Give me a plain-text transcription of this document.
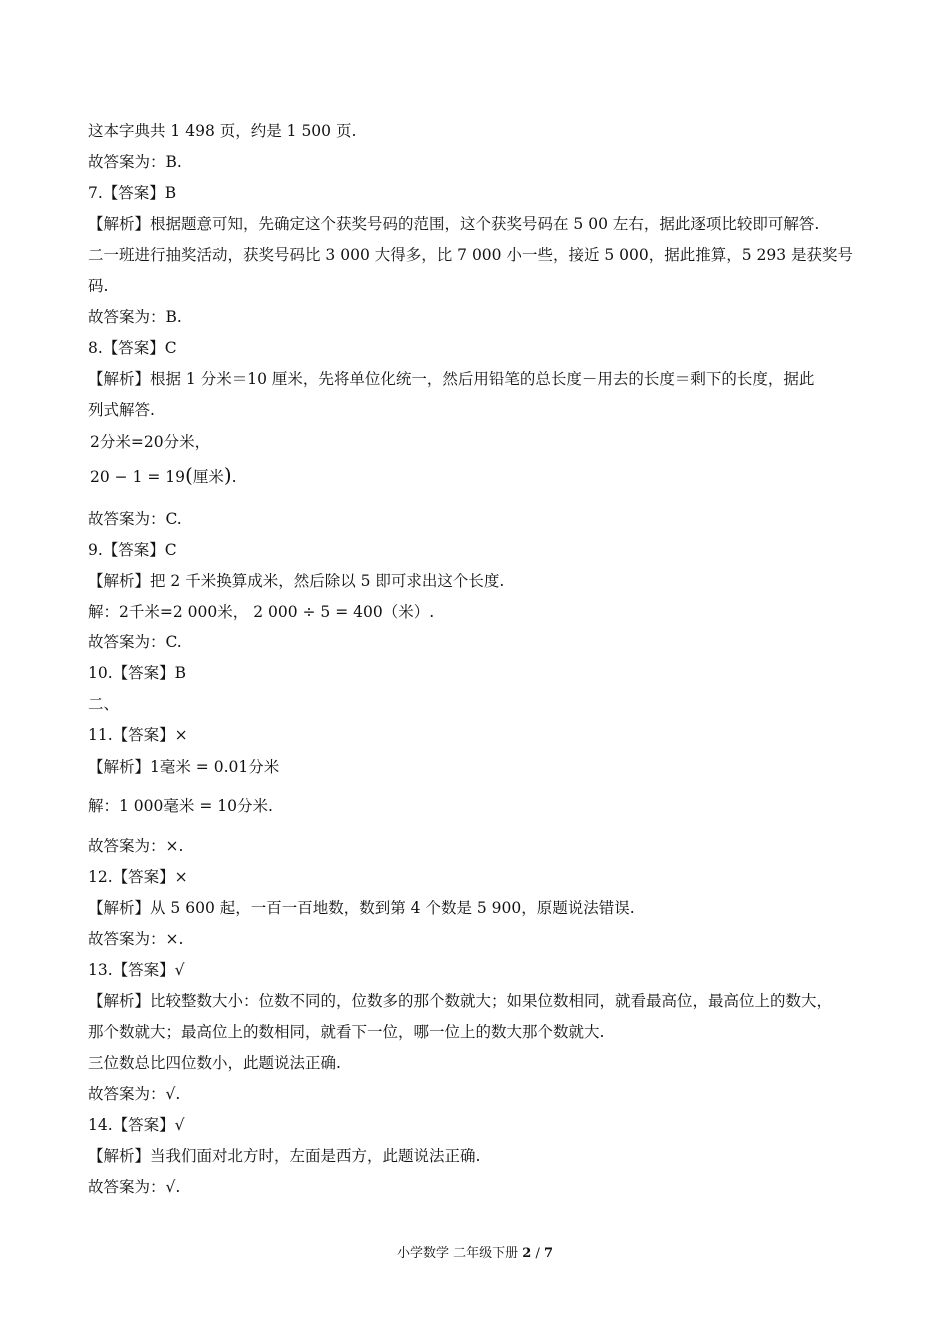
这本字典共 1 498 页，约是 1 500 页.
故答案为：B.
7.【答案】B
【解析】根据题意可知，先确定这个获奖号码的范围，这个获奖号码在 5 00 左右，据此逐项比较即可解答.
二一班进行抽奖活动，获奖号码比 3 000 大得多，比 7 000 小一些，接近 5 000，据此推算，5 293 是获奖号
码.
故答案为：B.
8.【答案】C
【解析】根据 1 分米＝10 厘米，先将单位化统一，然后用铅笔的总长度－用去的长度＝剩下的长度，据此
列式解答.
2分米=20分米，
20 − 1 = 19(厘米).
故答案为：C.
9.【答案】C
【解析】把 2 千米换算成米，然后除以 5 即可求出这个长度.
解：2千米=2 000米， 2 000 ÷ 5 = 400（米）.
故答案为：C.
10.【答案】B
二、
11.【答案】×
【解析】1毫米 = 0.01分米
解：1 000毫米 = 10分米.
故答案为：×.
12.【答案】×
【解析】从 5 600 起，一百一百地数，数到第 4 个数是 5 900，原题说法错误.
故答案为：×.
13.【答案】√
【解析】比较整数大小：位数不同的，位数多的那个数就大；如果位数相同，就看最高位，最高位上的数大，
那个数就大；最高位上的数相同，就看下一位，哪一位上的数大那个数就大.
三位数总比四位数小，此题说法正确.
故答案为：√.
14.【答案】√
【解析】当我们面对北方时，左面是西方，此题说法正确.
故答案为：√.
小学数学 二年级下册 2 / 7
